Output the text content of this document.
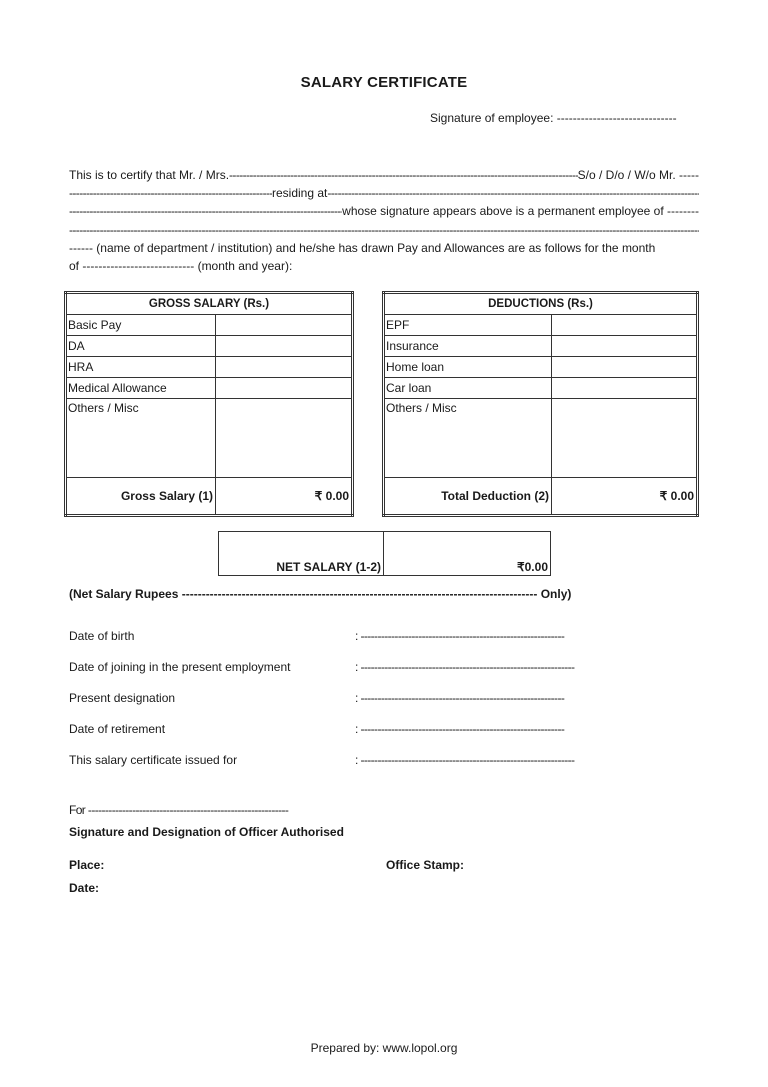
SALARY CERTIFICATE
Signature of employee: ------------------------------
This is to certify that Mr. / Mrs. -----	S/o / D/o / W/o Mr. -----
-----
residing at
-----
-----
whose signature appears above is a permanent employee of --------
-----
------ (name of department / institution) and he/she has drawn Pay and Allowances are as follows for the month
of ---------------------------- (month and year):
GROSS SALARY (Rs.)	
Basic Pay	
DA	
HRA	
Medical Allowance	
Others / Misc	
Gross Salary (1)	₹ 0.00
DEDUCTIONS (Rs.)	
EPF	
Insurance	
Home loan	
Car loan	
Others / Misc	
Total Deduction (2)	₹ 0.00
NET SALARY (1-2)	₹0.00
(Net Salary Rupees ----------------------------------------------------------------------------------------- Only)
Date of birth	: ------------------------------------------------------------
Date of joining in the present employment	: ---------------------------------------------------------------
Present designation	: ------------------------------------------------------------
Date of retirement	: ------------------------------------------------------------
This salary certificate issued for	: ---------------------------------------------------------------
For -----------------------------------------------------------
Signature and Designation of Officer Authorised
Place:	Office Stamp:
Date:
Prepared by: www.lopol.org
